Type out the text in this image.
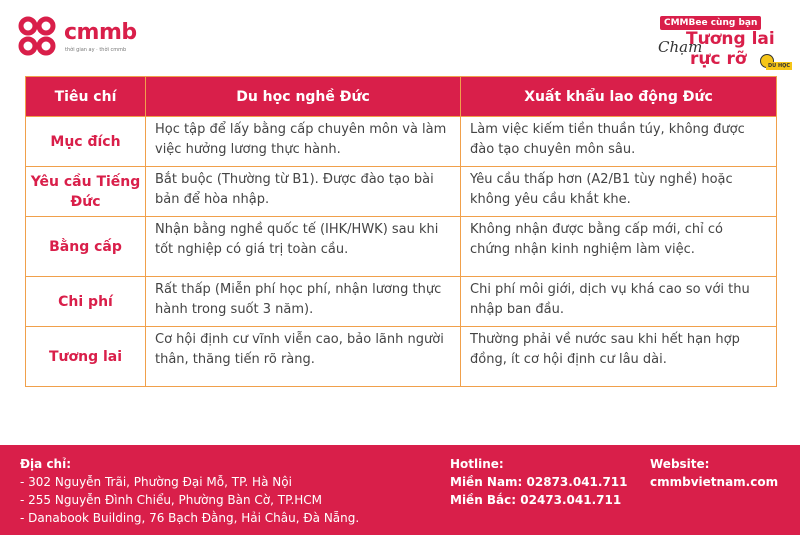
cmmb
thời gian ay · thời cmmb
CMMBee cùng bạn
Chạm
Tương lai
rực rỡ	DU HỌC
Tiêu chí	Du học nghề Đức	Xuất khẩu lao động Đức
Mục đích	Học tập để lấy bằng cấp chuyên môn và làm việc hưởng lương thực hành.	Làm việc kiếm tiền thuần túy, không được đào tạo chuyên môn sâu.
Yêu cầu Tiếng Đức	Bắt buộc (Thường từ B1). Được đào tạo bài bản để hòa nhập.	Yêu cầu thấp hơn (A2/B1 tùy nghề) hoặc không yêu cầu khắt khe.
Bằng cấp	Nhận bằng nghề quốc tế (IHK/HWK) sau khi tốt nghiệp có giá trị toàn cầu.	Không nhận được bằng cấp mới, chỉ có chứng nhận kinh nghiệm làm việc.
Chi phí	Rất thấp (Miễn phí học phí, nhận lương thực hành trong suốt 3 năm).	Chi phí môi giới, dịch vụ khá cao so với thu nhập ban đầu.
Tương lai	Cơ hội định cư vĩnh viễn cao, bảo lãnh người thân, thăng tiến rõ ràng.	Thường phải về nước sau khi hết hạn hợp đồng, ít cơ hội định cư lâu dài.
Địa chỉ:
- 302 Nguyễn Trãi, Phường Đại Mỗ, TP. Hà Nội
- 255 Nguyễn Đình Chiểu, Phường Bàn Cờ, TP.HCM
- Danabook Building, 76 Bạch Đằng, Hải Châu, Đà Nẵng.
Hotline:
Miền Nam: 02873.041.711
Miền Bắc: 02473.041.711
Website:
cmmbvietnam.com
